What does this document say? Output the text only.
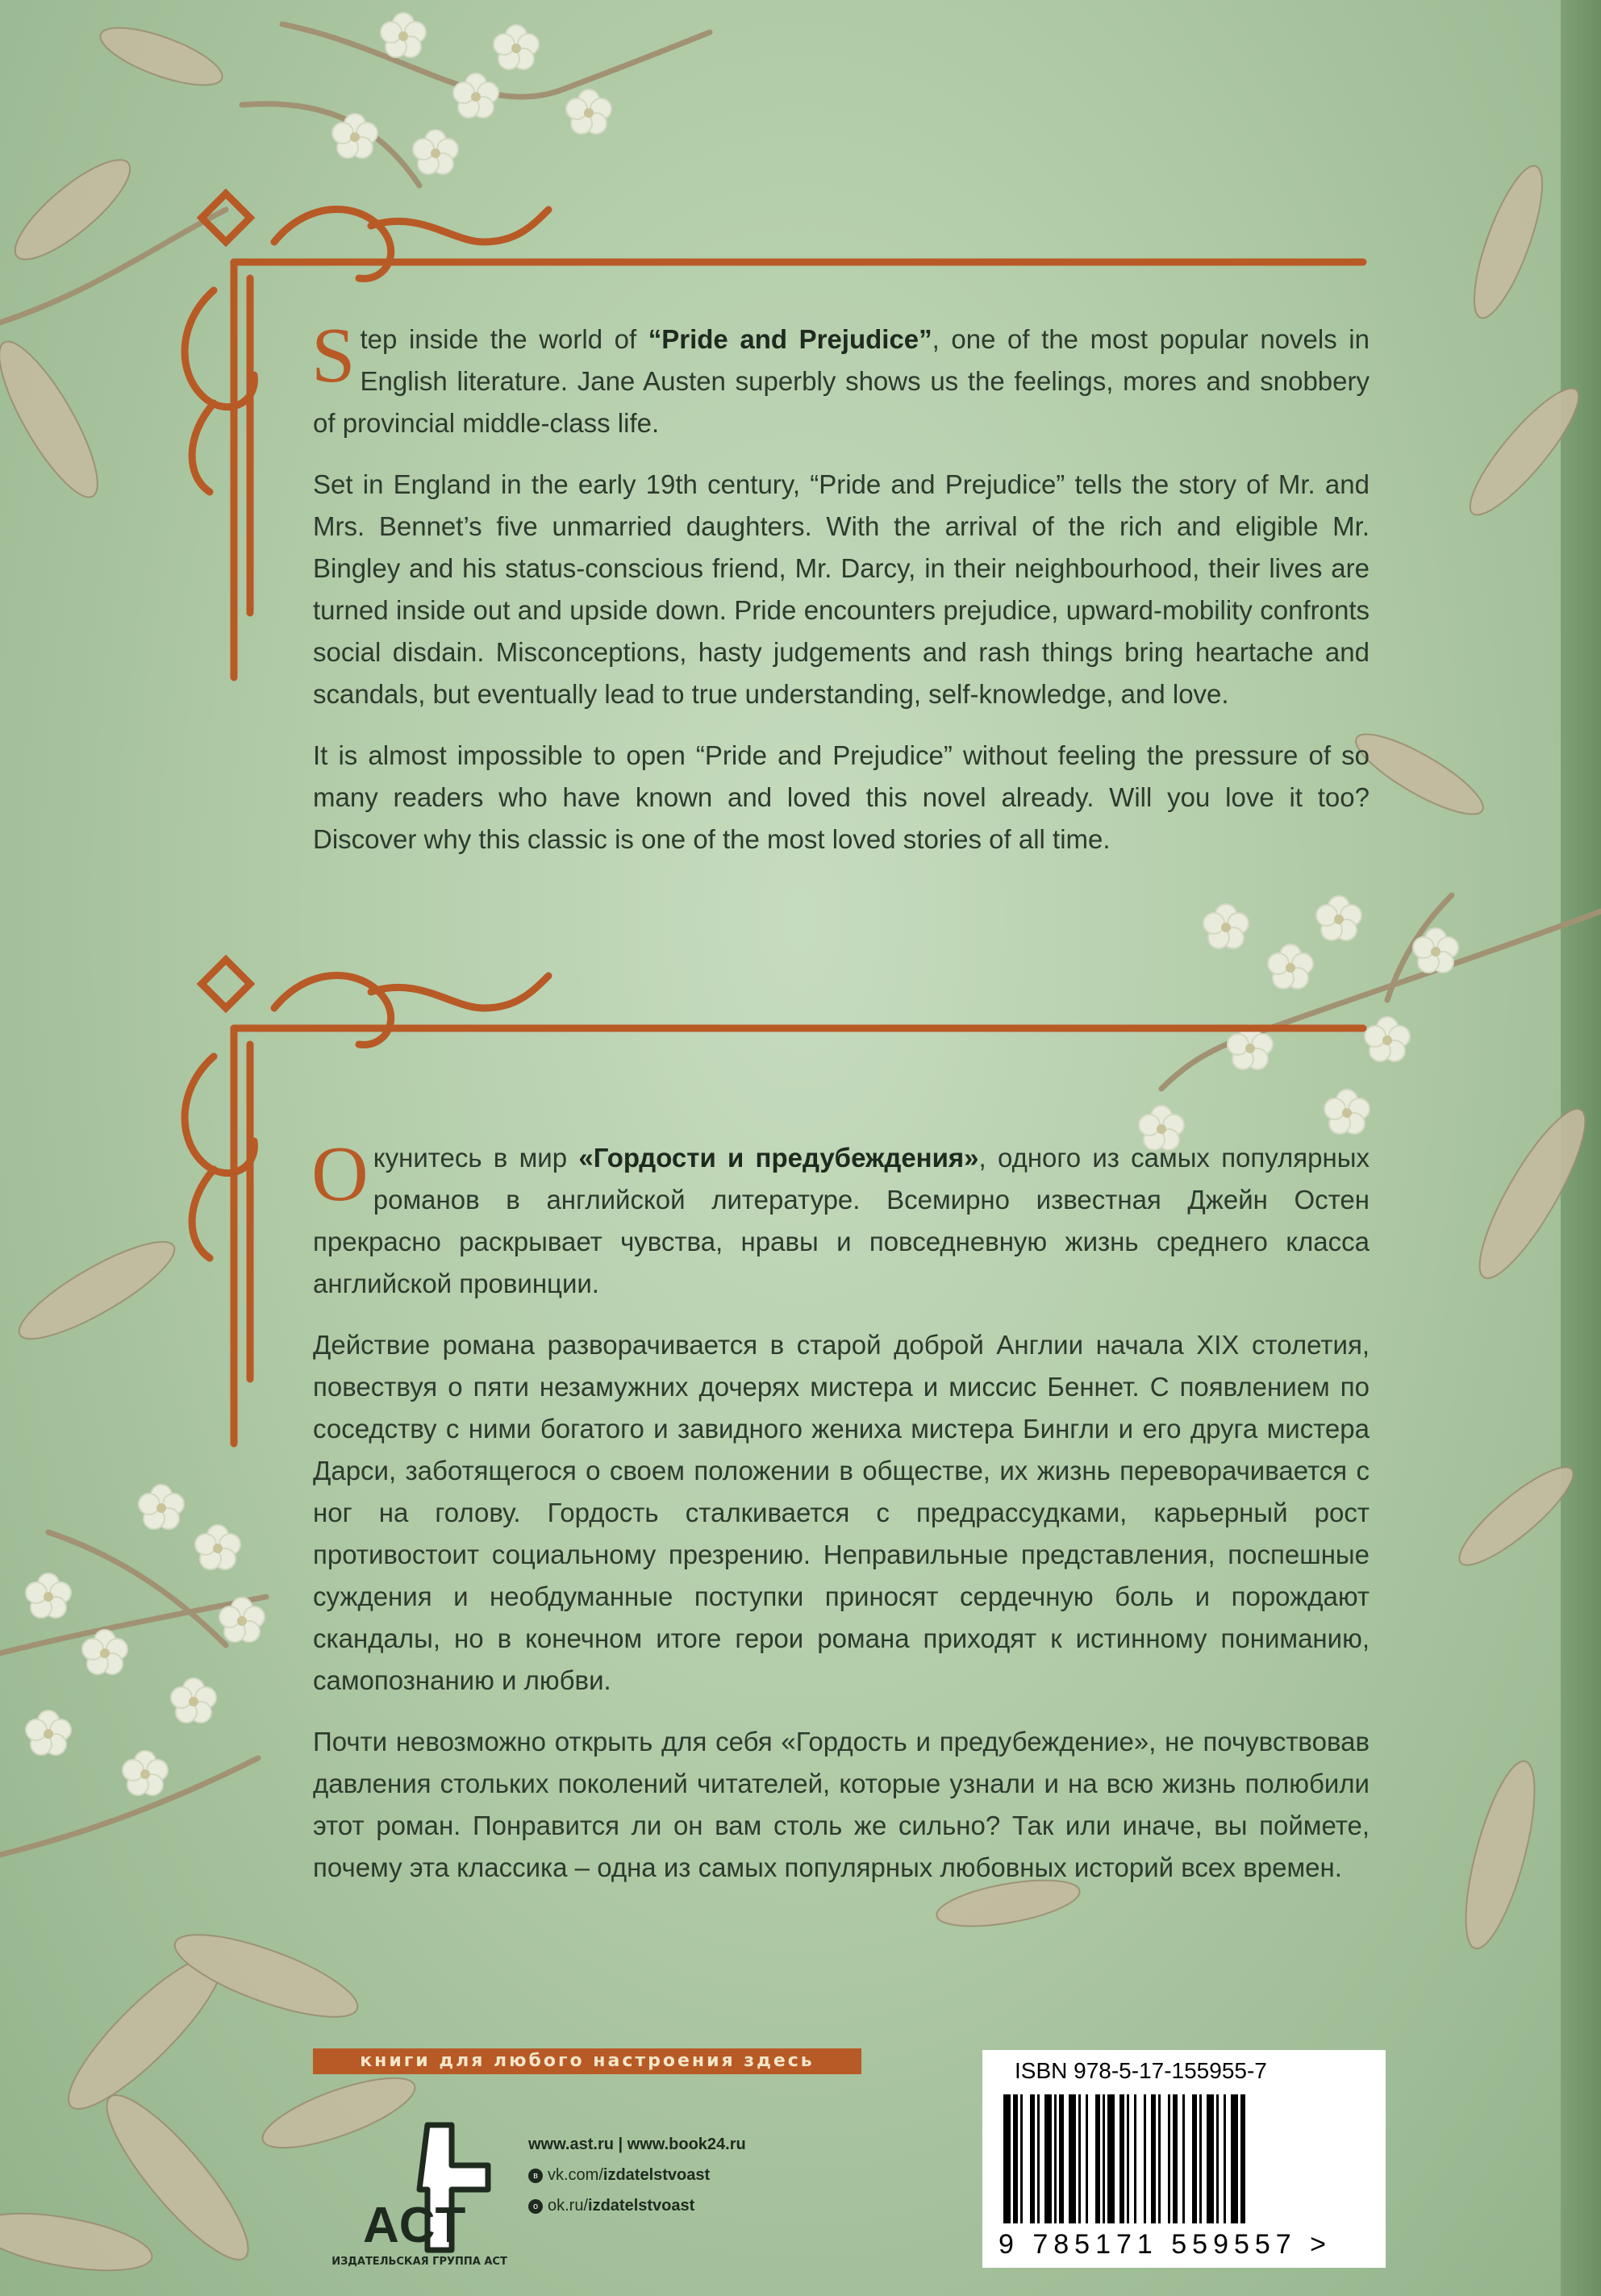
Step inside the world of “Pride and Prejudice”, one of the most popular novels in English literature. Jane Austen superbly shows us the feelings, mores and snobbery of provincial middle-class life.

Set in England in the early 19th century, “Pride and Prejudice” tells the story of Mr. and Mrs. Bennet’s five unmarried daughters. With the arrival of the rich and eligible Mr. Bingley and his status-conscious friend, Mr. Darcy, in their neighbourhood, their lives are turned inside out and upside down. Pride encounters prejudice, upward-mobility confronts social disdain. Misconceptions, hasty judgements and rash things bring heartache and scandals, but eventually lead to true understanding, self-knowledge, and love.

It is almost impossible to open “Pride and Prejudice” without feeling the pressure of so many readers who have known and loved this novel already. Will you love it too? Discover why this classic is one of the most loved stories of all time.

Окунитесь в мир «Гордости и предубеждения», одного из самых популярных романов в английской литературе. Всемирно известная Джейн Остен прекрасно раскрывает чувства, нравы и повседневную жизнь среднего класса английской провинции.

Действие романа разворачивается в старой доброй Англии начала XIX столетия, повествуя о пяти незамужних дочерях мистера и миссис Беннет. С появлением по соседству с ними богатого и завидного жениха мистера Бингли и его друга мистера Дарси, заботящегося о своем положении в обществе, их жизнь переворачивается с ног на голову. Гордость сталкивается с предрассудками, карьерный рост противостоит социальному презрению. Неправильные представления, поспешные суждения и необдуманные поступки приносят сердечную боль и порождают скандалы, но в конечном итоге герои романа приходят к истинному пониманию, самопознанию и любви.

Почти невозможно открыть для себя «Гордость и предубеждение», не почувствовав давления стольких поколений читателей, которые узнали и на всю жизнь полюбили этот роман. Понравится ли он вам столь же сильно? Так или иначе, вы поймете, почему эта классика – одна из самых популярных любовных историй всех времен.

книги для любого настроения здесь
ACT
ИЗДАТЕЛЬСКАЯ ГРУППА АСТ
www.ast.ru | www.book24.ru
в vk.com/izdatelstvoast
о ok.ru/izdatelstvoast
ISBN 978-5-17-155955-7
9 785171 559557 >
